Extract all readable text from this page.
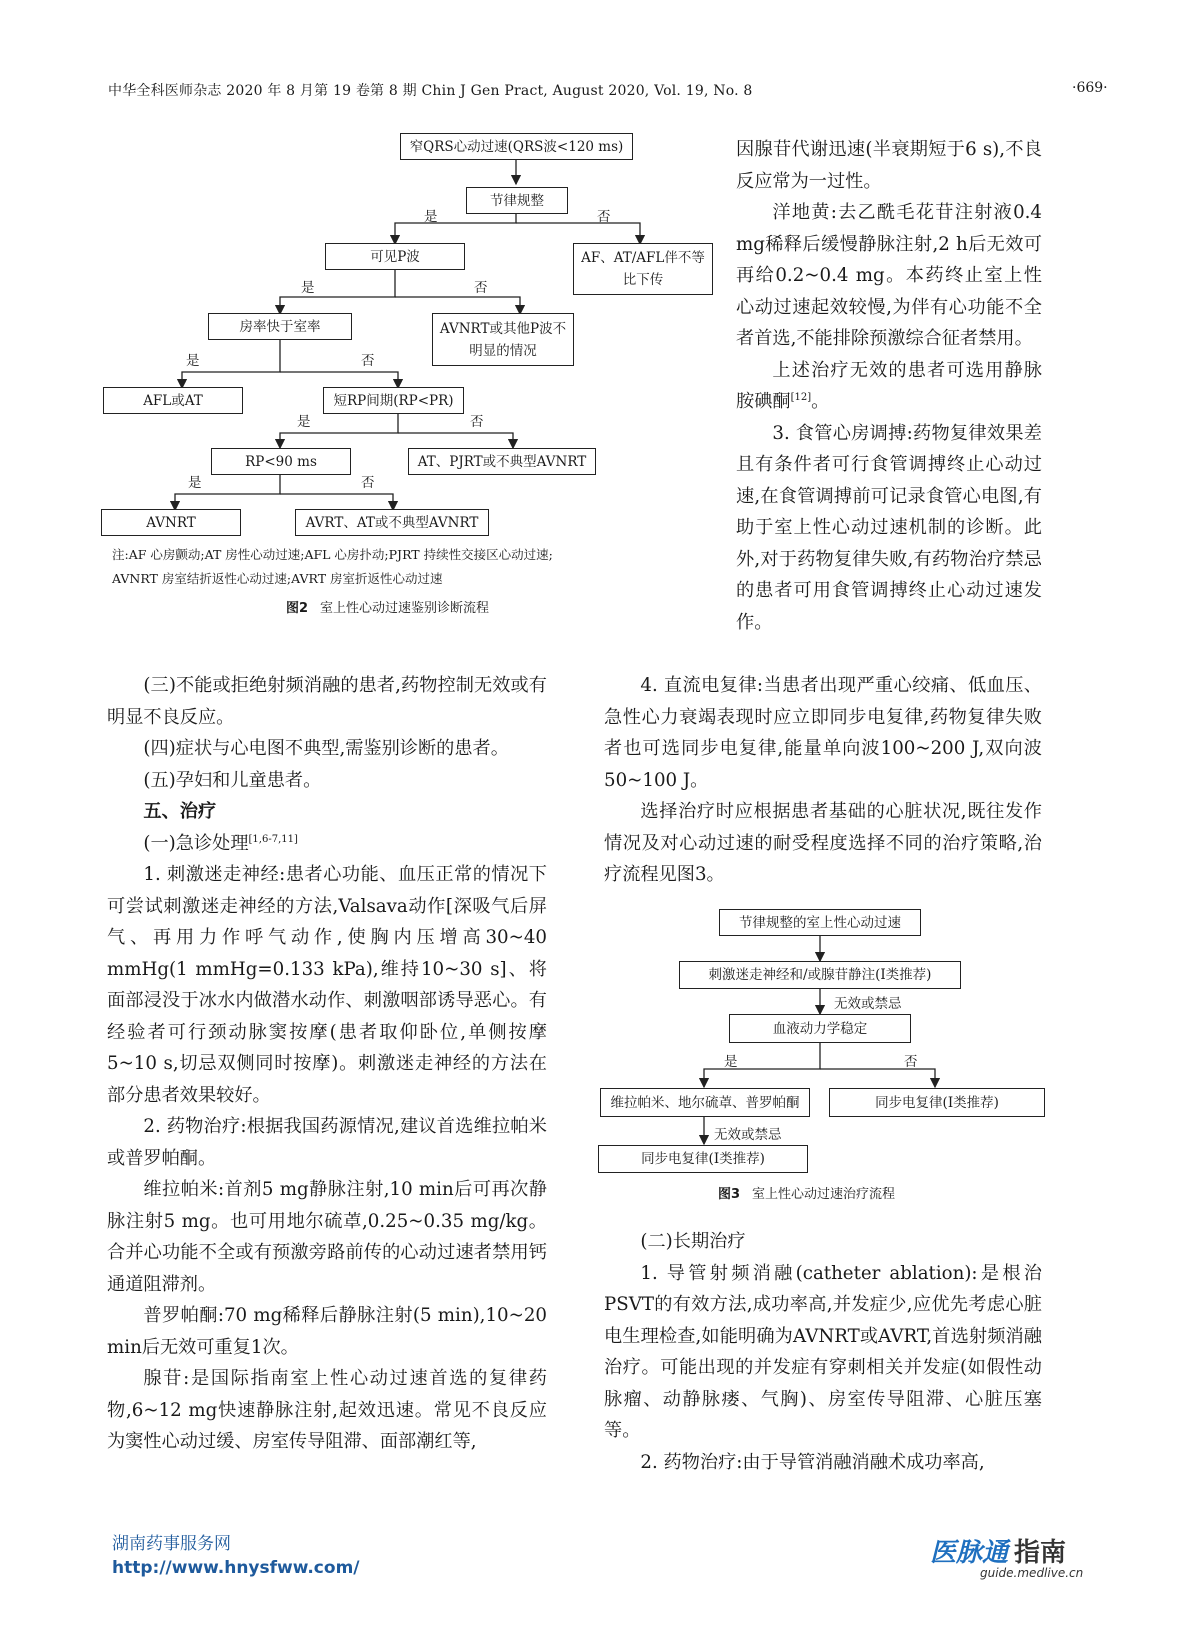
中华全科医师杂志 2020 年 8 月第 19 卷第 8 期 Chin J Gen Pract, August 2020, Vol. 19, No. 8	·669·
窄QRS心动过速(QRS波<120 ms)
节律规整
是	否
可见P波	AF、AT/AFL伴不等比下传
是	否
房率快于室率	AVNRT或其他P波不明显的情况
是	否
AFL或AT	短RP间期(RP<PR)
是	否
RP<90 ms	AT、PJRT或不典型AVNRT
是	否
AVNRT	AVRT、AT或不典型AVNRT
注:AF 心房颤动;AT 房性心动过速;AFL 心房扑动;PJRT 持续性交接区心动过速;
AVNRT 房室结折返性心动过速;AVRT 房室折返性心动过速
图2 室上性心动过速鉴别诊断流程

因腺苷代谢迅速(半衰期短于6 s),不良反应常为一过性。

洋地黄:去乙酰毛花苷注射液0.4 mg稀释后缓慢静脉注射,2 h后无效可再给0.2~0.4 mg。本药终止室上性心动过速起效较慢,为伴有心功能不全者首选,不能排除预激综合征者禁用。

上述治疗无效的患者可选用静脉胺碘酮[12]。

3. 食管心房调搏:药物复律效果差且有条件者可行食管调搏终止心动过速,在食管调搏前可记录食管心电图,有助于室上性心动过速机制的诊断。此外,对于药物复律失败,有药物治疗禁忌的患者可用食管调搏终止心动过速发作。

(三)不能或拒绝射频消融的患者,药物控制无效或有明显不良反应。

(四)症状与心电图不典型,需鉴别诊断的患者。

(五)孕妇和儿童患者。

五、治疗

(一)急诊处理[1,6-7,11]

1. 刺激迷走神经:患者心功能、血压正常的情况下可尝试刺激迷走神经的方法,Valsava动作[深吸气后屏气、再用力作呼气动作,使胸内压增高30~40 mmHg(1 mmHg=0.133 kPa),维持10~30 s]、将面部浸没于冰水内做潜水动作、刺激咽部诱导恶心。有经验者可行颈动脉窦按摩(患者取仰卧位,单侧按摩5~10 s,切忌双侧同时按摩)。刺激迷走神经的方法在部分患者效果较好。

2. 药物治疗:根据我国药源情况,建议首选维拉帕米或普罗帕酮。

维拉帕米:首剂5 mg静脉注射,10 min后可再次静脉注射5 mg。也可用地尔硫䓬,0.25~0.35 mg/kg。合并心功能不全或有预激旁路前传的心动过速者禁用钙通道阻滞剂。

普罗帕酮:70 mg稀释后静脉注射(5 min),10~20 min后无效可重复1次。

腺苷:是国际指南室上性心动过速首选的复律药物,6~12 mg快速静脉注射,起效迅速。常见不良反应为窦性心动过缓、房室传导阻滞、面部潮红等,

4. 直流电复律:当患者出现严重心绞痛、低血压、急性心力衰竭表现时应立即同步电复律,药物复律失败者也可选同步电复律,能量单向波100~200 J,双向波50~100 J。

选择治疗时应根据患者基础的心脏状况,既往发作情况及对心动过速的耐受程度选择不同的治疗策略,治疗流程见图3。

节律规整的室上性心动过速
刺激迷走神经和/或腺苷静注(Ⅰ类推荐)
无效或禁忌
血液动力学稳定
是	否
维拉帕米、地尔硫䓬、普罗帕酮	同步电复律(Ⅰ类推荐)
无效或禁忌
同步电复律(Ⅰ类推荐)
图3 室上性心动过速治疗流程

(二)长期治疗

1. 导管射频消融(catheter ablation):是根治PSVT的有效方法,成功率高,并发症少,应优先考虑心脏电生理检查,如能明确为AVNRT或AVRT,首选射频消融治疗。可能出现的并发症有穿刺相关并发症(如假性动脉瘤、动静脉瘘、气胸)、房室传导阻滞、心脏压塞等。

2. 药物治疗:由于导管消融消融术成功率高,

湖南药事服务网
http://www.hnysfww.com/	医脉通 指南
guide.medlive.cn
